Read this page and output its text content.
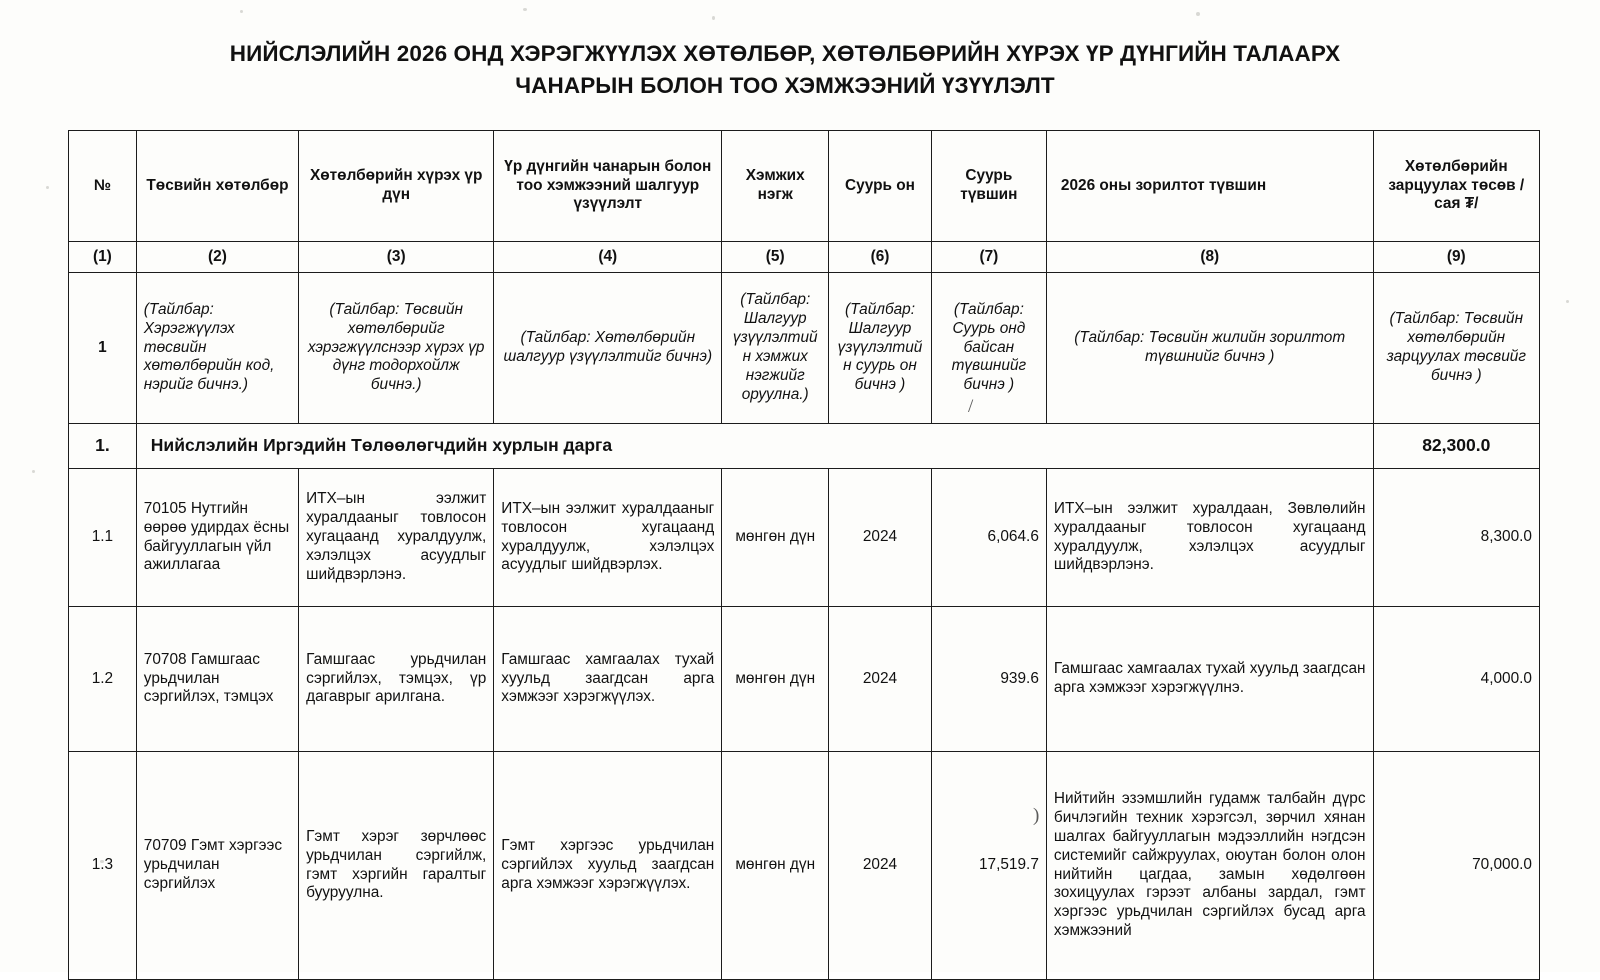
НИЙСЛЭЛИЙН 2026 ОНД ХЭРЭГЖҮҮЛЭХ ХӨТӨЛБӨР, ХӨТӨЛБӨРИЙН ХҮРЭХ ҮР ДҮНГИЙН ТАЛААРХ
ЧАНАРЫН БОЛОН ТОО ХЭМЖЭЭНИЙ ҮЗҮҮЛЭЛТ
/
)
№	Төсвийн хөтөлбөр	Хөтөлбөрийн хүрэх үр дүн	Үр дүнгийн чанарын болон тоо хэмжээний шалгуур үзүүлэлт	Хэмжих нэгж	Суурь он	Суурь түвшин	2026 оны зорилтот түвшин	Хөтөлбөрийн зарцуулах төсөв /сая ₮/
(1)	(2)	(3)	(4)	(5)	(6)	(7)	(8)	(9)
1	(Тайлбар: Хэрэгжүүлэх төсвийн хөтөлбөрийн код, нэрийг бичнэ.)	(Тайлбар: Төсвийн хөтөлбөрийг хэрэгжүүлснээр хүрэх үр дүнг тодорхойлж бичнэ.)	(Тайлбар: Хөтөлбөрийн шалгуур үзүүлэлтийг бичнэ)	(Тайлбар: Шалгуур үзүүлэлтийн хэмжих нэгжийг оруулна.)	(Тайлбар: Шалгуур үзүүлэлтийн суурь он бичнэ )	(Тайлбар: Суурь онд байсан түвшнийг бичнэ )	(Тайлбар: Төсвийн жилийн зорилтот түвшнийг бичнэ )	(Тайлбар: Төсвийн хөтөлбөрийн зарцуулах төсвийг бичнэ )
1.	Нийслэлийн Иргэдийн Төлөөлөгчдийн хурлын дарга							82,300.0
1.1	70105 Нутгийн өөрөө удирдах ёсны байгууллагын үйл ажиллагаа	ИТХ–ын ээлжит хуралдааныг товлосон хугацаанд хуралдуулж, хэлэлцэх асуудлыг шийдвэрлэнэ.	ИТХ–ын ээлжит хуралдааныг товлосон хугацаанд хуралдуулж, хэлэлцэх асуудлыг шийдвэрлэх.	мөнгөн дүн	2024	6,064.6	ИТХ–ын ээлжит хуралдаан, Зөвлөлийн хуралдааныг товлосон хугацаанд хуралдуулж, хэлэлцэх асуудлыг шийдвэрлэнэ.	8,300.0
1.2	70708 Гамшгаас урьдчилан сэргийлэх, тэмцэх	Гамшгаас урьдчилан сэргийлэх, тэмцэх, үр дагаврыг арилгана.	Гамшгаас хамгаалах тухай хуульд заагдсан арга хэмжээг хэрэгжүүлэх.	мөнгөн дүн	2024	939.6	Гамшгаас хамгаалах тухай хуульд заагдсан арга хэмжээг хэрэгжүүлнэ.	4,000.0
1.3	70709 Гэмт хэргээс урьдчилан сэргийлэх	Гэмт хэрэг зөрчлөөс урьдчилан сэргийлж, гэмт хэргийн гаралтыг бууруулна.	Гэмт хэргээс урьдчилан сэргийлэх хуульд заагдсан арга хэмжээг хэрэгжүүлэх.	мөнгөн дүн	2024	17,519.7	Нийтийн эзэмшлийн гудамж талбайн дүрс бичлэгийн техник хэрэгсэл, зөрчил хянан шалгах байгууллагын мэдээллийн нэгдсэн системийг сайжруулах, оюутан болон олон нийтийн цагдаа, замын хөдөлгөөн зохицуулах гэрээт албаны зардал, гэмт хэргээс урьдчилан сэргийлэх бусад арга хэмжээний	70,000.0
